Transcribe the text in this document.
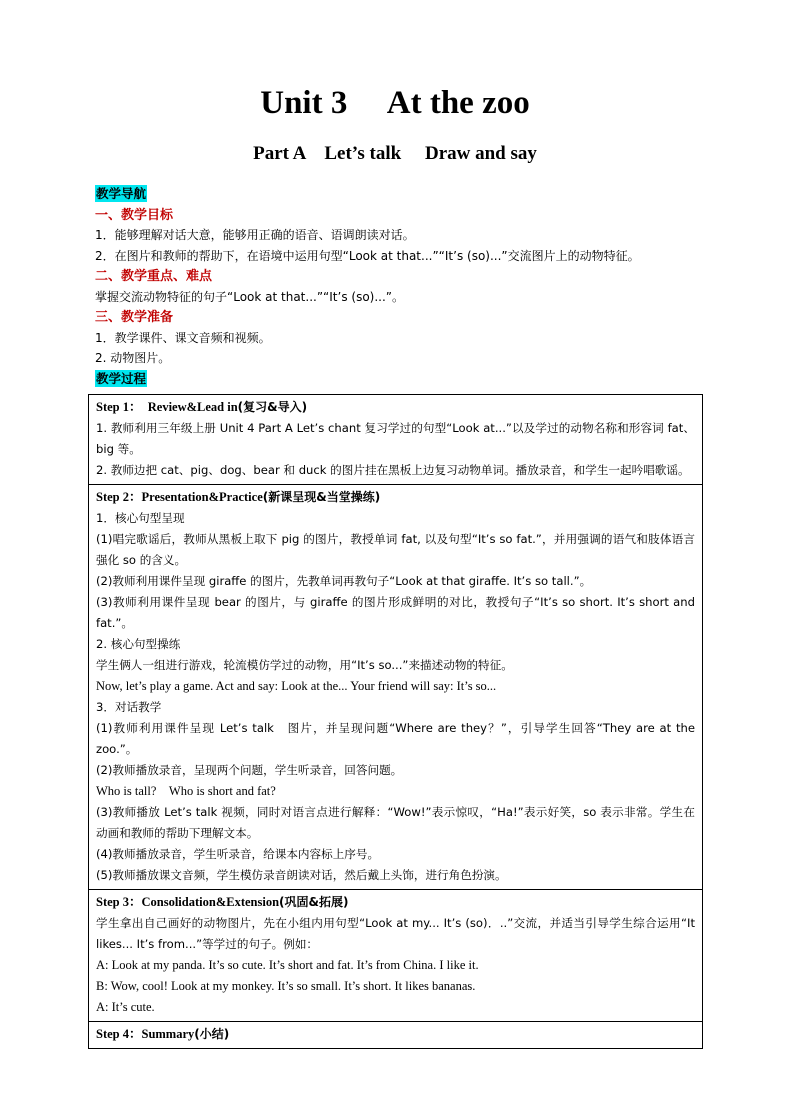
Unit 3　 At the zoo
Part A　Let’s talk　 Draw and say
教学导航
一、教学目标
1．能够理解对话大意，能够用正确的语音、语调朗读对话。
2．在图片和教师的帮助下，在语境中运用句型“Look at that...”“It’s (so)...”交流图片上的动物特征。
二、教学重点、难点
掌握交流动物特征的句子“Look at that...”“It’s (so)...”。
三、教学准备
1．教学课件、课文音频和视频。
2. 动物图片。
教学过程
Step 1：　Review&Lead in(复习&导入)
1. 教师利用三年级上册 Unit 4 Part A Let’s chant 复习学过的句型“Look at...”以及学过的动物名称和形容词 fat、big 等。
2. 教师边把 cat、pig、dog、bear 和 duck 的图片挂在黑板上边复习动物单词。播放录音，和学生一起吟唱歌谣。

Step 2：Presentation&Practice(新课呈现&当堂操练)
1．核心句型呈现
(1)唱完歌谣后，教师从黑板上取下 pig 的图片，教授单词 fat, 以及句型“It’s so fat.”，并用强调的语气和肢体语言强化 so 的含义。
(2)教师利用课件呈现 giraffe 的图片，先教单词再教句子“Look at that giraffe. It’s so tall.”。
(3)教师利用课件呈现 bear 的图片，与 giraffe 的图片形成鲜明的对比，教授句子“It’s so short. It’s short and fat.”。
2. 核心句型操练
学生俩人一组进行游戏，轮流模仿学过的动物，用“It’s so...”来描述动物的特征。
Now, let’s play a game. Act and say: Look at the... Your friend will say: It’s so...
3．对话教学
(1)教师利用课件呈现 Let’s talk　图片，并呈现问题“Where are they？”，引导学生回答“They are at the zoo.”。
(2)教师播放录音，呈现两个问题，学生听录音，回答问题。
Who is tall?　Who is short and fat?
(3)教师播放 Let’s talk 视频，同时对语言点进行解释：“Wow!”表示惊叹，“Ha!”表示好笑，so 表示非常。学生在动画和教师的帮助下理解文本。
(4)教师播放录音，学生听录音，给课本内容标上序号。
(5)教师播放课文音频，学生模仿录音朗读对话，然后戴上头饰，进行角色扮演。

Step 3：Consolidation&Extension(巩固&拓展)
学生拿出自己画好的动物图片，先在小组内用句型“Look at my... It’s (so)．..”交流，并适当引导学生综合运用“It likes... It’s from...”等学过的句子。例如：
A: Look at my panda. It’s so cute. It’s short and fat. It’s from China. I like it.
B: Wow, cool! Look at my monkey. It’s so small. It’s short. It likes bananas.
A: It’s cute.

Step 4：Summary(小结)
